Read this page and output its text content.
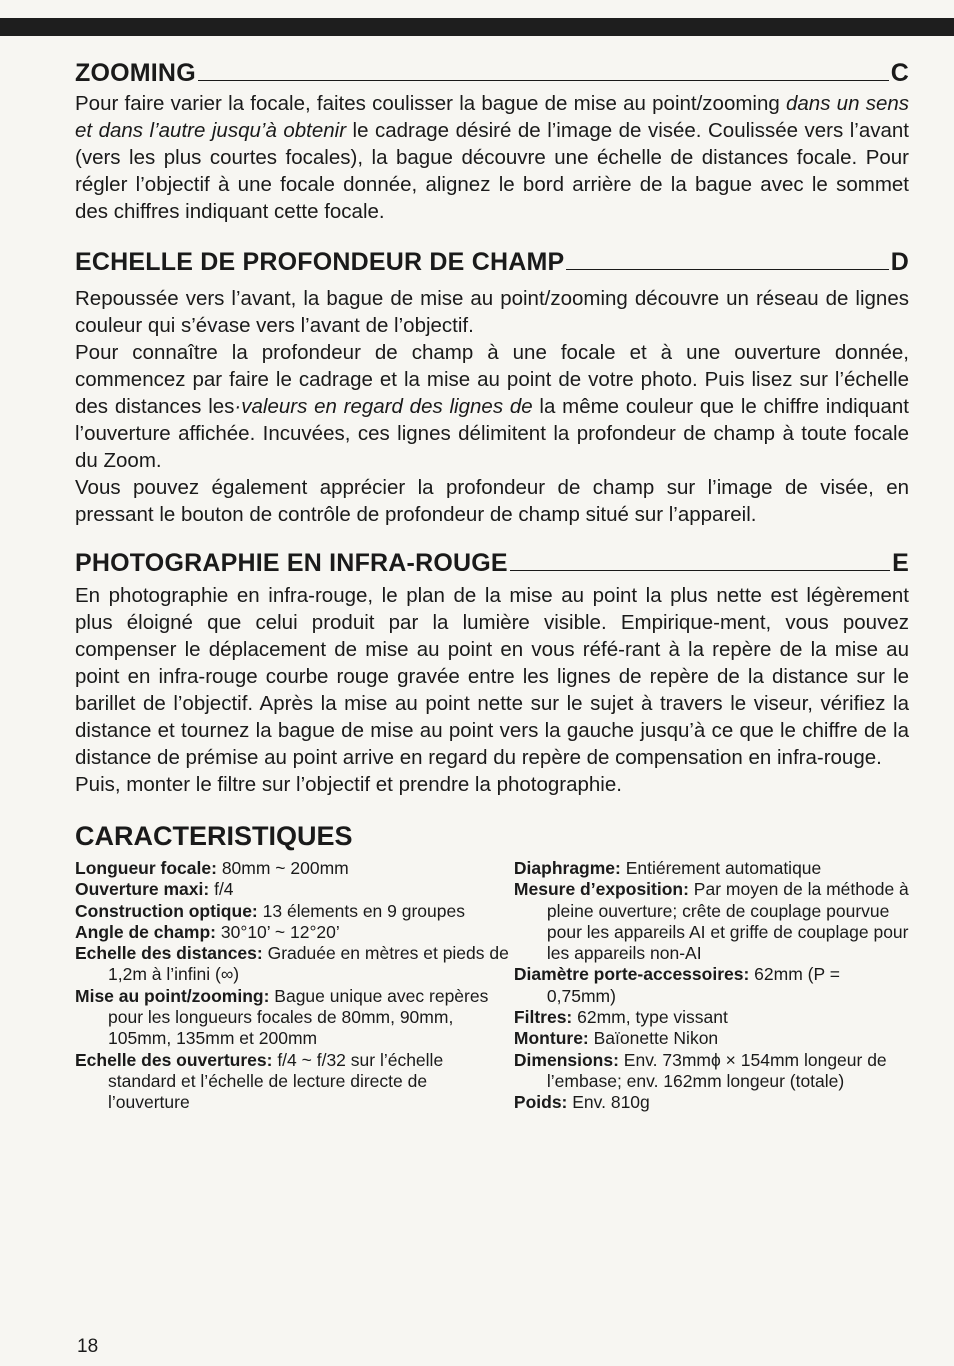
ZOOMING	C

Pour faire varier la focale, faites coulisser la bague de mise au point/zooming dans un sens et dans l’autre jusqu’à obtenir le cadrage désiré de l’image de visée. Coulissée vers l’avant (vers les plus courtes focales), la bague découvre une échelle de distances focale. Pour régler l’objectif à une focale donnée, alignez le bord arrière de la bague avec le sommet des chiffres indiquant cette focale.

ECHELLE DE PROFONDEUR DE CHAMP	D

Repoussée vers l’avant, la bague de mise au point/zooming découvre un réseau de lignes couleur qui s’évase vers l’avant de l’objectif.

Pour connaître la profondeur de champ à une focale et à une ouverture donnée, commencez par faire le cadrage et la mise au point de votre photo. Puis lisez sur l’échelle des distances les·valeurs en regard des lignes de la même couleur que le chiffre indiquant l’ouverture affichée. Incuvées, ces lignes délimitent la profondeur de champ à toute focale du Zoom.

Vous pouvez également apprécier la profondeur de champ sur l’image de visée, en pressant le bouton de contrôle de profondeur de champ situé sur l’appareil.

PHOTOGRAPHIE EN INFRA-ROUGE	E

En photographie en infra-rouge, le plan de la mise au point la plus nette est légèrement plus éloigné que celui produit par la lumière visible. Empirique-ment, vous pouvez compenser le déplacement de mise au point en vous réfé-rant à la repère de la mise au point en infra-rouge courbe rouge gravée entre les lignes de repère de la distance sur le barillet de l’objectif. Après la mise au point nette sur le sujet à travers le viseur, vérifiez la distance et tournez la bague de mise au point vers la gauche jusqu’à ce que le chiffre de la distance de prémise au point arrive en regard du repère de compensation en infra-rouge.

Puis, monter le filtre sur l’objectif et prendre la photographie.

CARACTERISTIQUES
Longueur focale: 80mm ~ 200mm
Ouverture maxi: f/4
Construction optique: 13 élements en 9 groupes
Angle de champ: 30°10’ ~ 12°20’
Echelle des distances: Graduée en mètres et pieds de 1,2m à l’infini (∞)
Mise au point/zooming: Bague unique avec repères pour les longueurs focales de 80mm, 90mm, 105mm, 135mm et 200mm
Echelle des ouvertures: f/4 ~ f/32 sur l’échelle standard et l’échelle de lecture directe de l’ouverture
Diaphragme: Entiérement automatique
Mesure d’exposition: Par moyen de la méthode à pleine ouverture; crête de couplage pourvue pour les appareils AI et griffe de couplage pour les appareils non-AI
Diamètre porte-accessoires: 62mm (P = 0,75mm)
Filtres: 62mm, type vissant
Monture: Baïonette Nikon
Dimensions: Env. 73mmϕ × 154mm longeur de l’embase; env. 162mm longeur (totale)
Poids: Env. 810g
18
